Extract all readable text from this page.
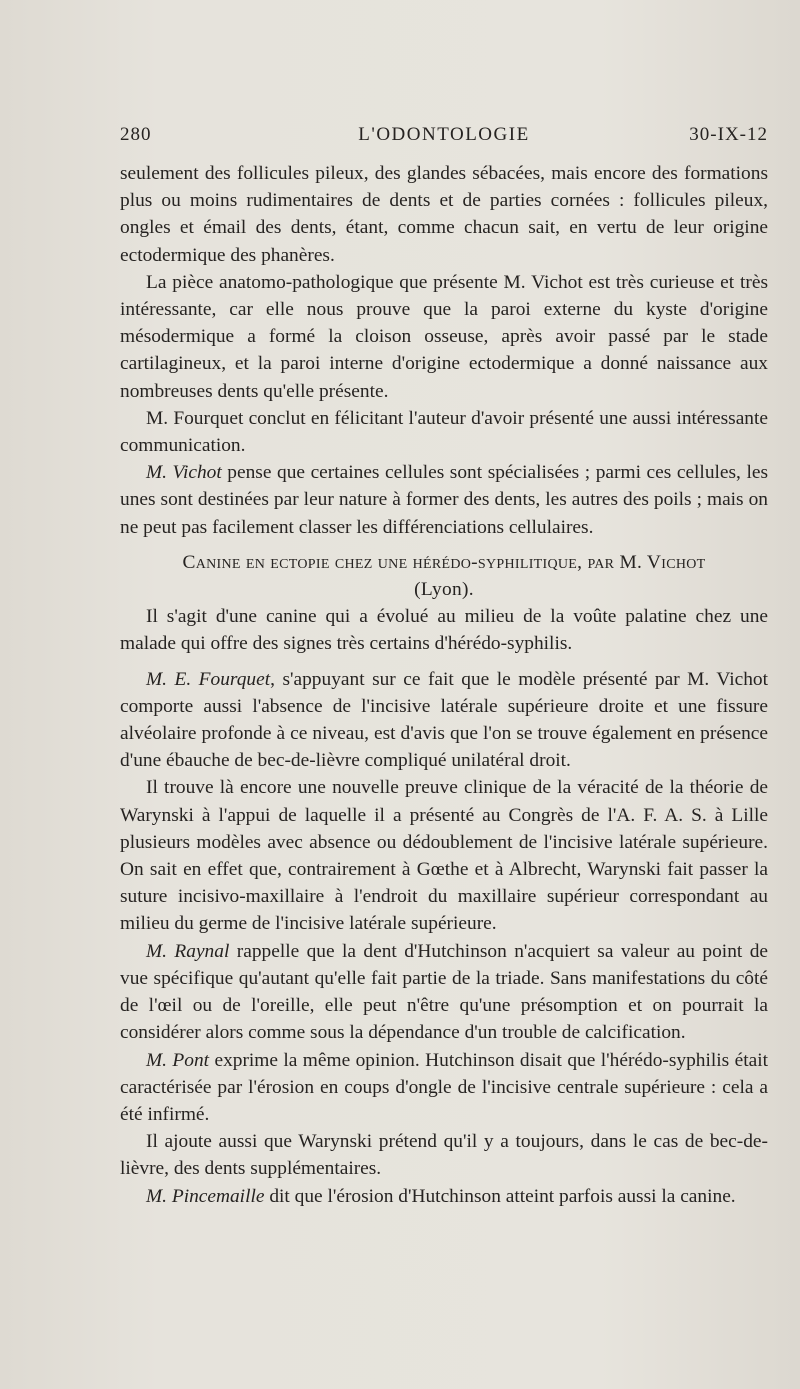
280	L'ODONTOLOGIE	30-IX-12

seulement des follicules pileux, des glandes sébacées, mais encore des formations plus ou moins rudimentaires de dents et de parties cornées : follicules pileux, ongles et émail des dents, étant, comme chacun sait, en vertu de leur origine ectodermique des phanères.

La pièce anatomo-pathologique que présente M. Vichot est très curieuse et très intéressante, car elle nous prouve que la paroi externe du kyste d'origine mésodermique a formé la cloison osseuse, après avoir passé par le stade cartilagineux, et la paroi interne d'origine ectodermique a donné naissance aux nombreuses dents qu'elle présente.

M. Fourquet conclut en félicitant l'auteur d'avoir présenté une aussi intéressante communication.

M. Vichot pense que certaines cellules sont spécialisées ; parmi ces cellules, les unes sont destinées par leur nature à former des dents, les autres des poils ; mais on ne peut pas facilement classer les différenciations cellulaires.

Canine en ectopie chez une hérédo-syphilitique, par M. Vichot
(Lyon).

Il s'agit d'une canine qui a évolué au milieu de la voûte palatine chez une malade qui offre des signes très certains d'hérédo-syphilis.

M. E. Fourquet, s'appuyant sur ce fait que le modèle présenté par M. Vichot comporte aussi l'absence de l'incisive latérale supérieure droite et une fissure alvéolaire profonde à ce niveau, est d'avis que l'on se trouve également en présence d'une ébauche de bec-de-lièvre compliqué unilatéral droit.

Il trouve là encore une nouvelle preuve clinique de la véracité de la théorie de Warynski à l'appui de laquelle il a présenté au Congrès de l'A. F. A. S. à Lille plusieurs modèles avec absence ou dédoublement de l'incisive latérale supérieure. On sait en effet que, contrairement à Gœthe et à Albrecht, Warynski fait passer la suture incisivo-maxillaire à l'endroit du maxillaire supérieur correspondant au milieu du germe de l'incisive latérale supérieure.

M. Raynal rappelle que la dent d'Hutchinson n'acquiert sa valeur au point de vue spécifique qu'autant qu'elle fait partie de la triade. Sans manifestations du côté de l'œil ou de l'oreille, elle peut n'être qu'une présomption et on pourrait la considérer alors comme sous la dépendance d'un trouble de calcification.

M. Pont exprime la même opinion. Hutchinson disait que l'hérédo-syphilis était caractérisée par l'érosion en coups d'ongle de l'incisive centrale supérieure : cela a été infirmé.

Il ajoute aussi que Warynski prétend qu'il y a toujours, dans le cas de bec-de-lièvre, des dents supplémentaires.

M. Pincemaille dit que l'érosion d'Hutchinson atteint parfois aussi la canine.
